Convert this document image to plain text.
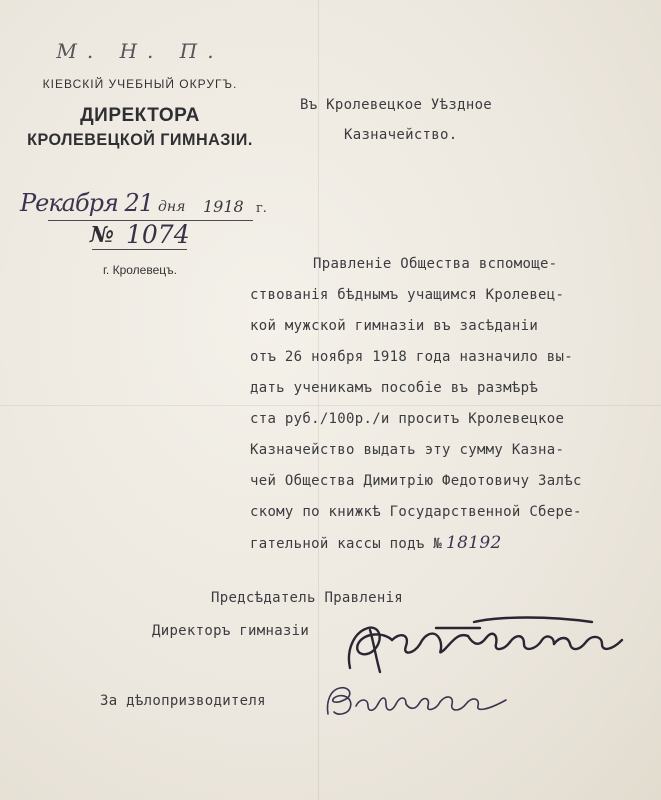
М. Н. П.
КІЕВСКІЙ УЧЕБНЫЙ ОКРУГЪ.
ДИРЕКТОРА
КРОЛЕВЕЦКОЙ ГИМНАЗІИ.
Рекабря 21 дня 1918 г.
№ 1074
г. Кролевецъ.
Въ Кролевецкое Уѣздное
Казначейство.
Правленіе Общества вспомоще-
ствованія бѣднымъ учащимся Кролевец-
кой мужской гимназіи въ засѣданіи
отъ 26 ноября 1918 года назначило вы-
дать ученикамъ пособіе въ размѣрѣ
ста руб./100р./и проситъ Кролевецкое
Казначейство выдать эту сумму Казна-
чей Общества Димитрію Федотовичу Залѣс
скому по книжкѣ Государственной Сбере-
гательной кассы подъ № 18192
Предсѣдатель Правленія
Директоръ гимназіи
За дѣлопризводителя
